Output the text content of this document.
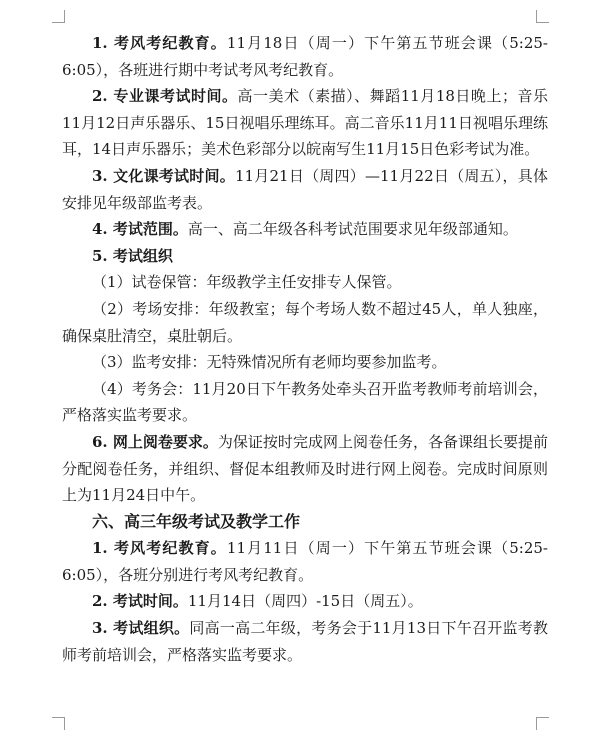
1. 考风考纪教育。11月18日（周一）下午第五节班会课（5:25-6:05），各班进行期中考试考风考纪教育。

2. 专业课考试时间。高一美术（素描）、舞蹈11月18日晚上；音乐11月12日声乐器乐、15日视唱乐理练耳。高二音乐11月11日视唱乐理练耳，14日声乐器乐；美术色彩部分以皖南写生11月15日色彩考试为准。

3. 文化课考试时间。11月21日（周四）—11月22日（周五），具体安排见年级部监考表。

4. 考试范围。高一、高二年级各科考试范围要求见年级部通知。

5. 考试组织

（1）试卷保管：年级教学主任安排专人保管。

（2）考场安排：年级教室；每个考场人数不超过45人，单人独座，确保桌肚清空，桌肚朝后。

（3）监考安排：无特殊情况所有老师均要参加监考。

（4）考务会：11月20日下午教务处牵头召开监考教师考前培训会，严格落实监考要求。

6. 网上阅卷要求。为保证按时完成网上阅卷任务，各备课组长要提前分配阅卷任务，并组织、督促本组教师及时进行网上阅卷。完成时间原则上为11月24日中午。

六、高三年级考试及教学工作

1. 考风考纪教育。11月11日（周一）下午第五节班会课（5:25-6:05），各班分别进行考风考纪教育。

2. 考试时间。11月14日（周四）-15日（周五）。

3. 考试组织。同高一高二年级，考务会于11月13日下午召开监考教师考前培训会，严格落实监考要求。
